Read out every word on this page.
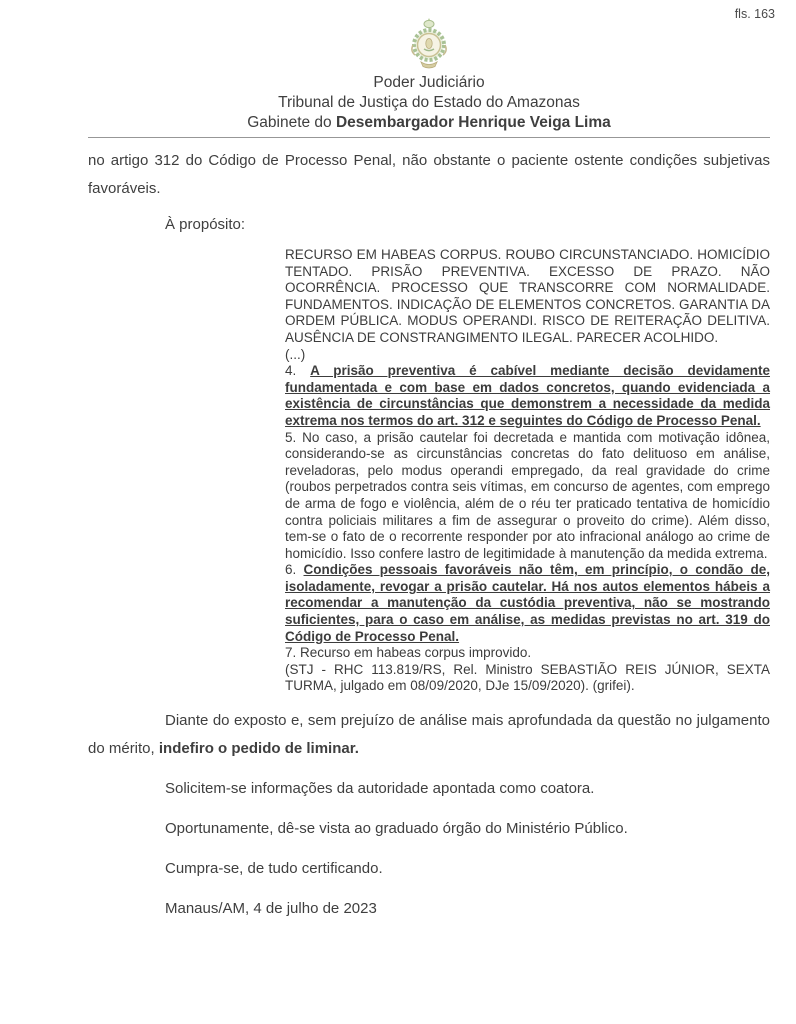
fls. 163
Poder Judiciário
Tribunal de Justiça do Estado do Amazonas
Gabinete do Desembargador Henrique Veiga Lima

no artigo 312 do Código de Processo Penal, não obstante o paciente ostente condições subjetivas favoráveis.

À propósito:

RECURSO EM HABEAS CORPUS. ROUBO CIRCUNSTANCIADO. HOMICÍDIO TENTADO. PRISÃO PREVENTIVA. EXCESSO DE PRAZO. NÃO OCORRÊNCIA. PROCESSO QUE TRANSCORRE COM NORMALIDADE. FUNDAMENTOS. INDICAÇÃO DE ELEMENTOS CONCRETOS. GARANTIA DA ORDEM PÚBLICA. MODUS OPERANDI. RISCO DE REITERAÇÃO DELITIVA. AUSÊNCIA DE CONSTRANGIMENTO ILEGAL. PARECER ACOLHIDO.

(...)

4. A prisão preventiva é cabível mediante decisão devidamente fundamentada e com base em dados concretos, quando evidenciada a existência de circunstâncias que demonstrem a necessidade da medida extrema nos termos do art. 312 e seguintes do Código de Processo Penal.

5. No caso, a prisão cautelar foi decretada e mantida com motivação idônea, considerando-se as circunstâncias concretas do fato delituoso em análise, reveladoras, pelo modus operandi empregado, da real gravidade do crime (roubos perpetrados contra seis vítimas, em concurso de agentes, com emprego de arma de fogo e violência, além de o réu ter praticado tentativa de homicídio contra policiais militares a fim de assegurar o proveito do crime). Além disso, tem-se o fato de o recorrente responder por ato infracional análogo ao crime de homicídio. Isso confere lastro de legitimidade à manutenção da medida extrema.

6. Condições pessoais favoráveis não têm, em princípio, o condão de, isoladamente, revogar a prisão cautelar. Há nos autos elementos hábeis a recomendar a manutenção da custódia preventiva, não se mostrando suficientes, para o caso em análise, as medidas previstas no art. 319 do Código de Processo Penal.

7. Recurso em habeas corpus improvido.

(STJ - RHC 113.819/RS, Rel. Ministro SEBASTIÃO REIS JÚNIOR, SEXTA TURMA, julgado em 08/09/2020, DJe 15/09/2020). (grifei).

Diante do exposto e, sem prejuízo de análise mais aprofundada da questão no julgamento do mérito, indefiro o pedido de liminar.

Solicitem-se informações da autoridade apontada como coatora.

Oportunamente, dê-se vista ao graduado órgão do Ministério Público.

Cumpra-se, de tudo certificando.

Manaus/AM, 4 de julho de 2023
